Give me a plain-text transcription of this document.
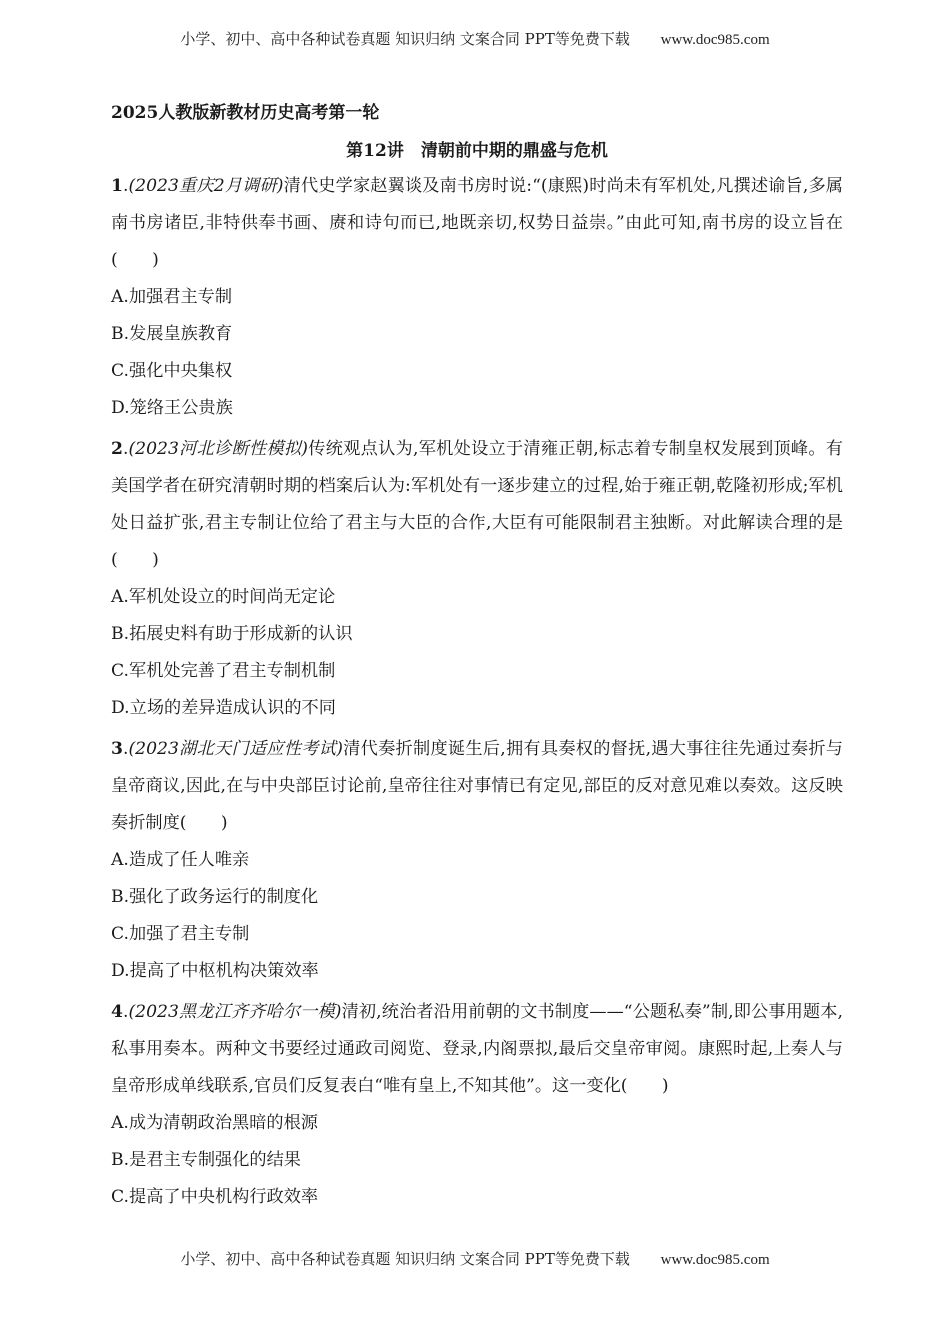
小学、初中、高中各种试卷真题 知识归纳 文案合同 PPT等免费下载 www.doc985.com

2025人教版新教材历史高考第一轮

第12讲　清朝前中期的鼎盛与危机

1.(2023重庆2月调研)清代史学家赵翼谈及南书房时说:“(康熙)时尚未有军机处,凡撰述谕旨,多属南书房诸臣,非特供奉书画、赓和诗句而已,地既亲切,权势日益崇。”由此可知,南书房的设立旨在(　　)

A.加强君主专制

B.发展皇族教育

C.强化中央集权

D.笼络王公贵族

2.(2023河北诊断性模拟)传统观点认为,军机处设立于清雍正朝,标志着专制皇权发展到顶峰。有美国学者在研究清朝时期的档案后认为:军机处有一逐步建立的过程,始于雍正朝,乾隆初形成;军机处日益扩张,君主专制让位给了君主与大臣的合作,大臣有可能限制君主独断。对此解读合理的是(　　)

A.军机处设立的时间尚无定论

B.拓展史料有助于形成新的认识

C.军机处完善了君主专制机制

D.立场的差异造成认识的不同

3.(2023湖北天门适应性考试)清代奏折制度诞生后,拥有具奏权的督抚,遇大事往往先通过奏折与皇帝商议,因此,在与中央部臣讨论前,皇帝往往对事情已有定见,部臣的反对意见难以奏效。这反映奏折制度(　　)

A.造成了任人唯亲

B.强化了政务运行的制度化

C.加强了君主专制

D.提高了中枢机构决策效率

4.(2023黑龙江齐齐哈尔一模)清初,统治者沿用前朝的文书制度——“公题私奏”制,即公事用题本,私事用奏本。两种文书要经过通政司阅览、登录,内阁票拟,最后交皇帝审阅。康熙时起,上奏人与皇帝形成单线联系,官员们反复表白“唯有皇上,不知其他”。这一变化(　　)

A.成为清朝政治黑暗的根源

B.是君主专制强化的结果

C.提高了中央机构行政效率

小学、初中、高中各种试卷真题 知识归纳 文案合同 PPT等免费下载 www.doc985.com
